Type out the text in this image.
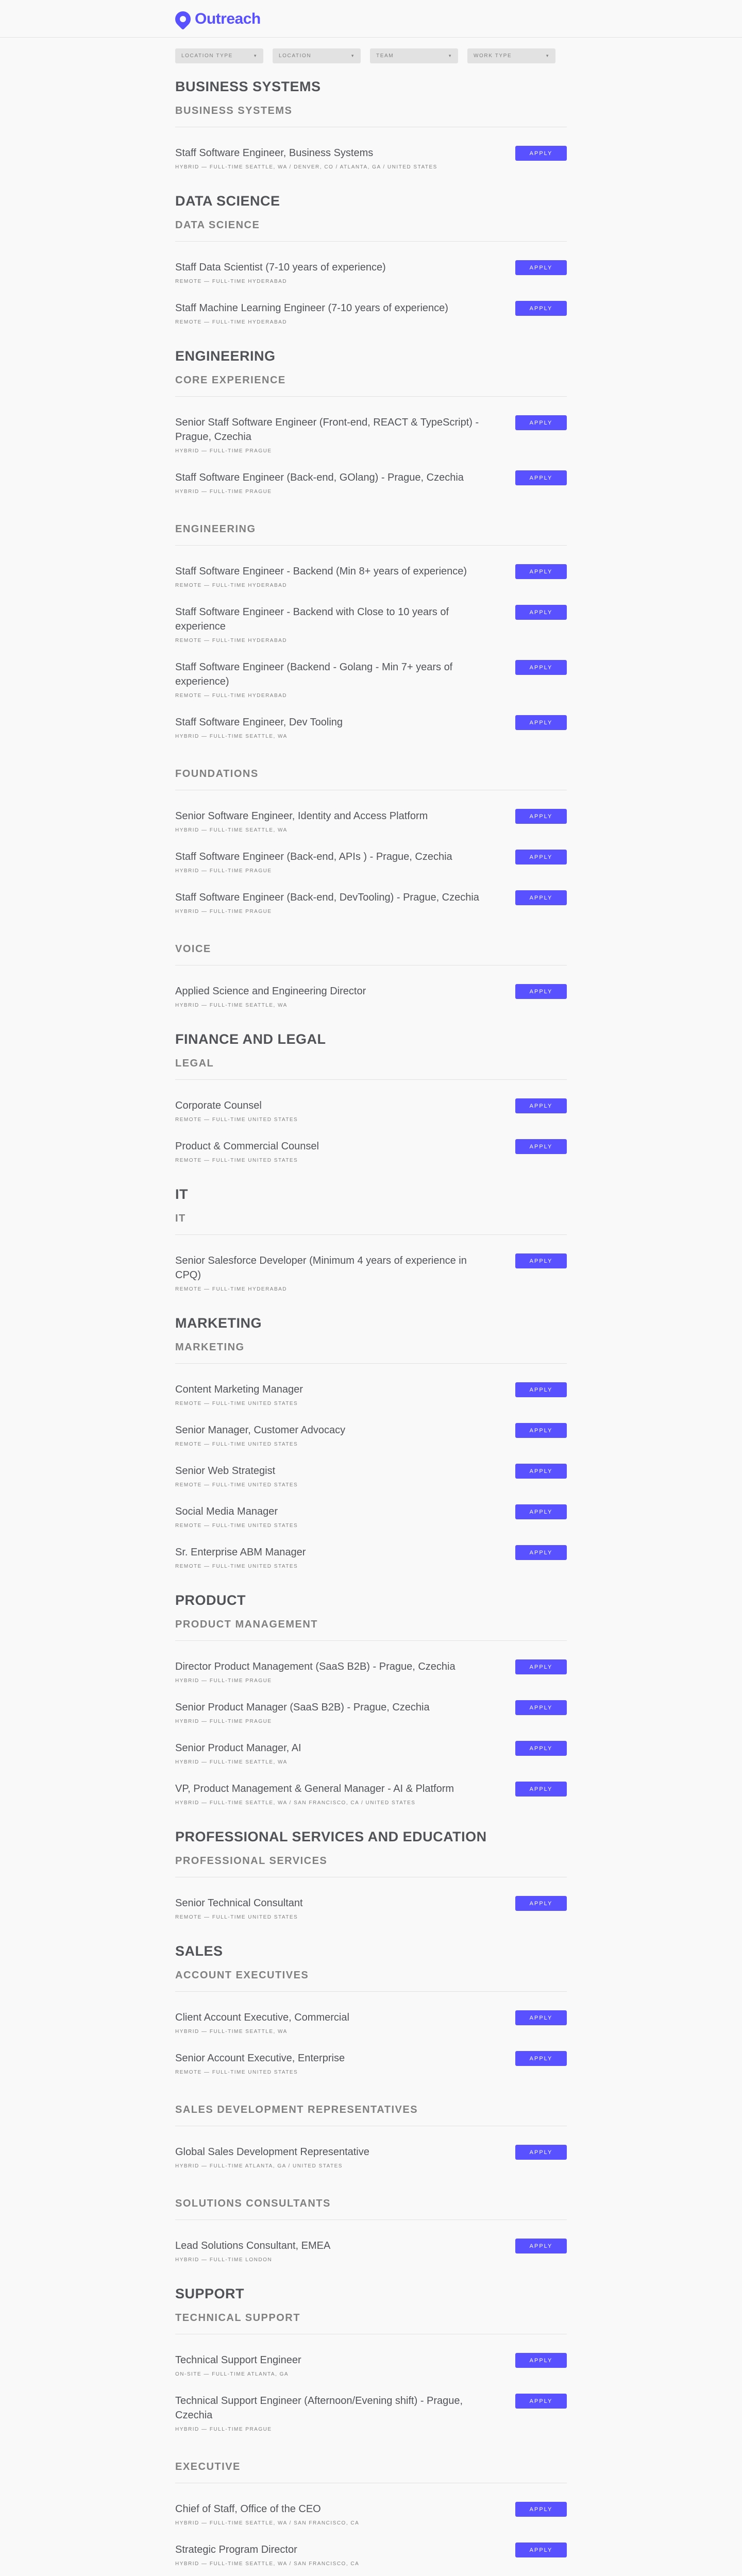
Outreach
LOCATION TYPE	▾	LOCATION	▾	TEAM	▾	WORK TYPE	▾
BUSINESS SYSTEMS
BUSINESS SYSTEMS
Staff Software Engineer, Business Systems
HYBRID — FULL-TIME SEATTLE, WA / DENVER, CO / ATLANTA, GA / UNITED STATES
APPLY
DATA SCIENCE
DATA SCIENCE
Staff Data Scientist (7-10 years of experience)
REMOTE — FULL-TIME HYDERABAD
APPLY
Staff Machine Learning Engineer (7-10 years of experience)
REMOTE — FULL-TIME HYDERABAD
APPLY
ENGINEERING
CORE EXPERIENCE
Senior Staff Software Engineer (Front-end, REACT & TypeScript) - Prague, Czechia
HYBRID — FULL-TIME PRAGUE
APPLY
Staff Software Engineer (Back-end, GOlang) - Prague, Czechia
HYBRID — FULL-TIME PRAGUE
APPLY
ENGINEERING
Staff Software Engineer - Backend (Min 8+ years of experience)
REMOTE — FULL-TIME HYDERABAD
APPLY
Staff Software Engineer - Backend with Close to 10 years of experience
REMOTE — FULL-TIME HYDERABAD
APPLY
Staff Software Engineer (Backend - Golang - Min 7+ years of experience)
REMOTE — FULL-TIME HYDERABAD
APPLY
Staff Software Engineer, Dev Tooling
HYBRID — FULL-TIME SEATTLE, WA
APPLY
FOUNDATIONS
Senior Software Engineer, Identity and Access Platform
HYBRID — FULL-TIME SEATTLE, WA
APPLY
Staff Software Engineer (Back-end, APIs ) - Prague, Czechia
HYBRID — FULL-TIME PRAGUE
APPLY
Staff Software Engineer (Back-end, DevTooling) - Prague, Czechia
HYBRID — FULL-TIME PRAGUE
APPLY
VOICE
Applied Science and Engineering Director
HYBRID — FULL-TIME SEATTLE, WA
APPLY
FINANCE AND LEGAL
LEGAL
Corporate Counsel
REMOTE — FULL-TIME UNITED STATES
APPLY
Product & Commercial Counsel
REMOTE — FULL-TIME UNITED STATES
APPLY
IT
IT
Senior Salesforce Developer (Minimum 4 years of experience in CPQ)
REMOTE — FULL-TIME HYDERABAD
APPLY
MARKETING
MARKETING
Content Marketing Manager
REMOTE — FULL-TIME UNITED STATES
APPLY
Senior Manager, Customer Advocacy
REMOTE — FULL-TIME UNITED STATES
APPLY
Senior Web Strategist
REMOTE — FULL-TIME UNITED STATES
APPLY
Social Media Manager
REMOTE — FULL-TIME UNITED STATES
APPLY
Sr. Enterprise ABM Manager
REMOTE — FULL-TIME UNITED STATES
APPLY
PRODUCT
PRODUCT MANAGEMENT
Director Product Management (SaaS B2B) - Prague, Czechia
HYBRID — FULL-TIME PRAGUE
APPLY
Senior Product Manager (SaaS B2B) - Prague, Czechia
HYBRID — FULL-TIME PRAGUE
APPLY
Senior Product Manager, AI
HYBRID — FULL-TIME SEATTLE, WA
APPLY
VP, Product Management & General Manager - AI & Platform
HYBRID — FULL-TIME SEATTLE, WA / SAN FRANCISCO, CA / UNITED STATES
APPLY
PROFESSIONAL SERVICES AND EDUCATION
PROFESSIONAL SERVICES
Senior Technical Consultant
REMOTE — FULL-TIME UNITED STATES
APPLY
SALES
ACCOUNT EXECUTIVES
Client Account Executive, Commercial
HYBRID — FULL-TIME SEATTLE, WA
APPLY
Senior Account Executive, Enterprise
REMOTE — FULL-TIME UNITED STATES
APPLY
SALES DEVELOPMENT REPRESENTATIVES
Global Sales Development Representative
HYBRID — FULL-TIME ATLANTA, GA / UNITED STATES
APPLY
SOLUTIONS CONSULTANTS
Lead Solutions Consultant, EMEA
HYBRID — FULL-TIME LONDON
APPLY
SUPPORT
TECHNICAL SUPPORT
Technical Support Engineer
ON-SITE — FULL-TIME ATLANTA, GA
APPLY
Technical Support Engineer (Afternoon/Evening shift) - Prague, Czechia
HYBRID — FULL-TIME PRAGUE
APPLY
EXECUTIVE
Chief of Staff, Office of the CEO
HYBRID — FULL-TIME SEATTLE, WA / SAN FRANCISCO, CA
APPLY
Strategic Program Director
HYBRID — FULL-TIME SEATTLE, WA / SAN FRANCISCO, CA
APPLY
